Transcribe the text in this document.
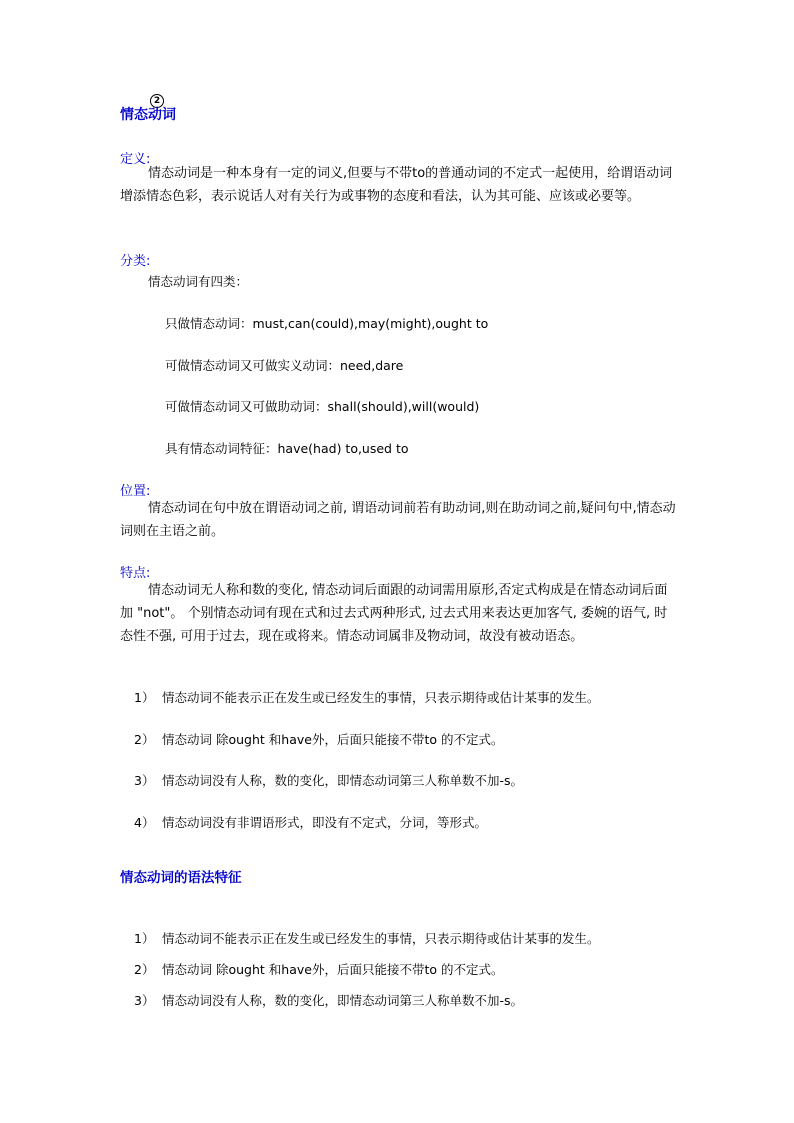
2
情态动词
定义:
情态动词是一种本身有一定的词义,但要与不带to的普通动词的不定式一起使用，给谓语动词增添情态色彩，表示说话人对有关行为或事物的态度和看法，认为其可能、应该或必要等。
分类:
情态动词有四类：
只做情态动词：must,can(could),may(might),ought to
可做情态动词又可做实义动词：need,dare
可做情态动词又可做助动词：shall(should),will(would)
具有情态动词特征：have(had) to,used to
位置:
情态动词在句中放在谓语动词之前, 谓语动词前若有助动词,则在助动词之前,疑问句中,情态动词则在主语之前。
特点:
情态动词无人称和数的变化, 情态动词后面跟的动词需用原形,否定式构成是在情态动词后面加 "not"。 个别情态动词有现在式和过去式两种形式, 过去式用来表达更加客气, 委婉的语气, 时态性不强, 可用于过去，现在或将来。情态动词属非及物动词，故没有被动语态。
1） 情态动词不能表示正在发生或已经发生的事情，只表示期待或估计某事的发生。
2） 情态动词 除ought 和have外，后面只能接不带to 的不定式。
3） 情态动词没有人称，数的变化，即情态动词第三人称单数不加-s。
4） 情态动词没有非谓语形式，即没有不定式，分词，等形式。
情态动词的语法特征
1） 情态动词不能表示正在发生或已经发生的事情，只表示期待或估计某事的发生。
2） 情态动词 除ought 和have外，后面只能接不带to 的不定式。
3） 情态动词没有人称，数的变化，即情态动词第三人称单数不加-s。
